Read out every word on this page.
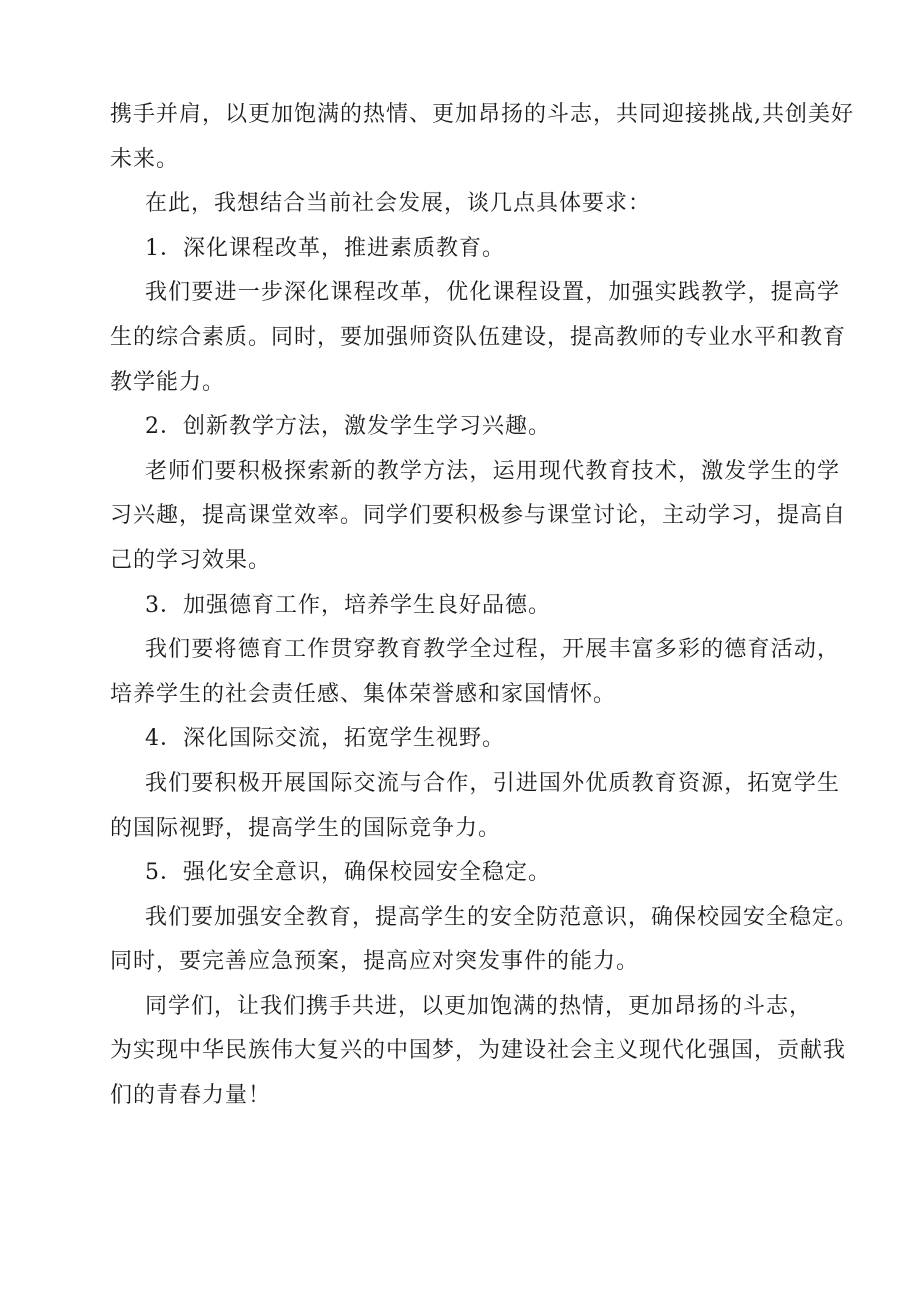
携手并肩，以更加饱满的热情、更加昂扬的斗志，共同迎接挑战,共创美好
未来。
在此，我想结合当前社会发展，谈几点具体要求：
1．深化课程改革，推进素质教育。
我们要进一步深化课程改革，优化课程设置，加强实践教学，提高学
生的综合素质。同时，要加强师资队伍建设，提高教师的专业水平和教育
教学能力。
2．创新教学方法，激发学生学习兴趣。
老师们要积极探索新的教学方法，运用现代教育技术，激发学生的学
习兴趣，提高课堂效率。同学们要积极参与课堂讨论，主动学习，提高自
己的学习效果。
3．加强德育工作，培养学生良好品德。
我们要将德育工作贯穿教育教学全过程，开展丰富多彩的德育活动，
培养学生的社会责任感、集体荣誉感和家国情怀。
4．深化国际交流，拓宽学生视野。
我们要积极开展国际交流与合作，引进国外优质教育资源，拓宽学生
的国际视野，提高学生的国际竞争力。
5．强化安全意识，确保校园安全稳定。
我们要加强安全教育，提高学生的安全防范意识，确保校园安全稳定。
同时，要完善应急预案，提高应对突发事件的能力。
同学们，让我们携手共进，以更加饱满的热情，更加昂扬的斗志，
为实现中华民族伟大复兴的中国梦，为建设社会主义现代化强国，贡献我
们的青春力量！
